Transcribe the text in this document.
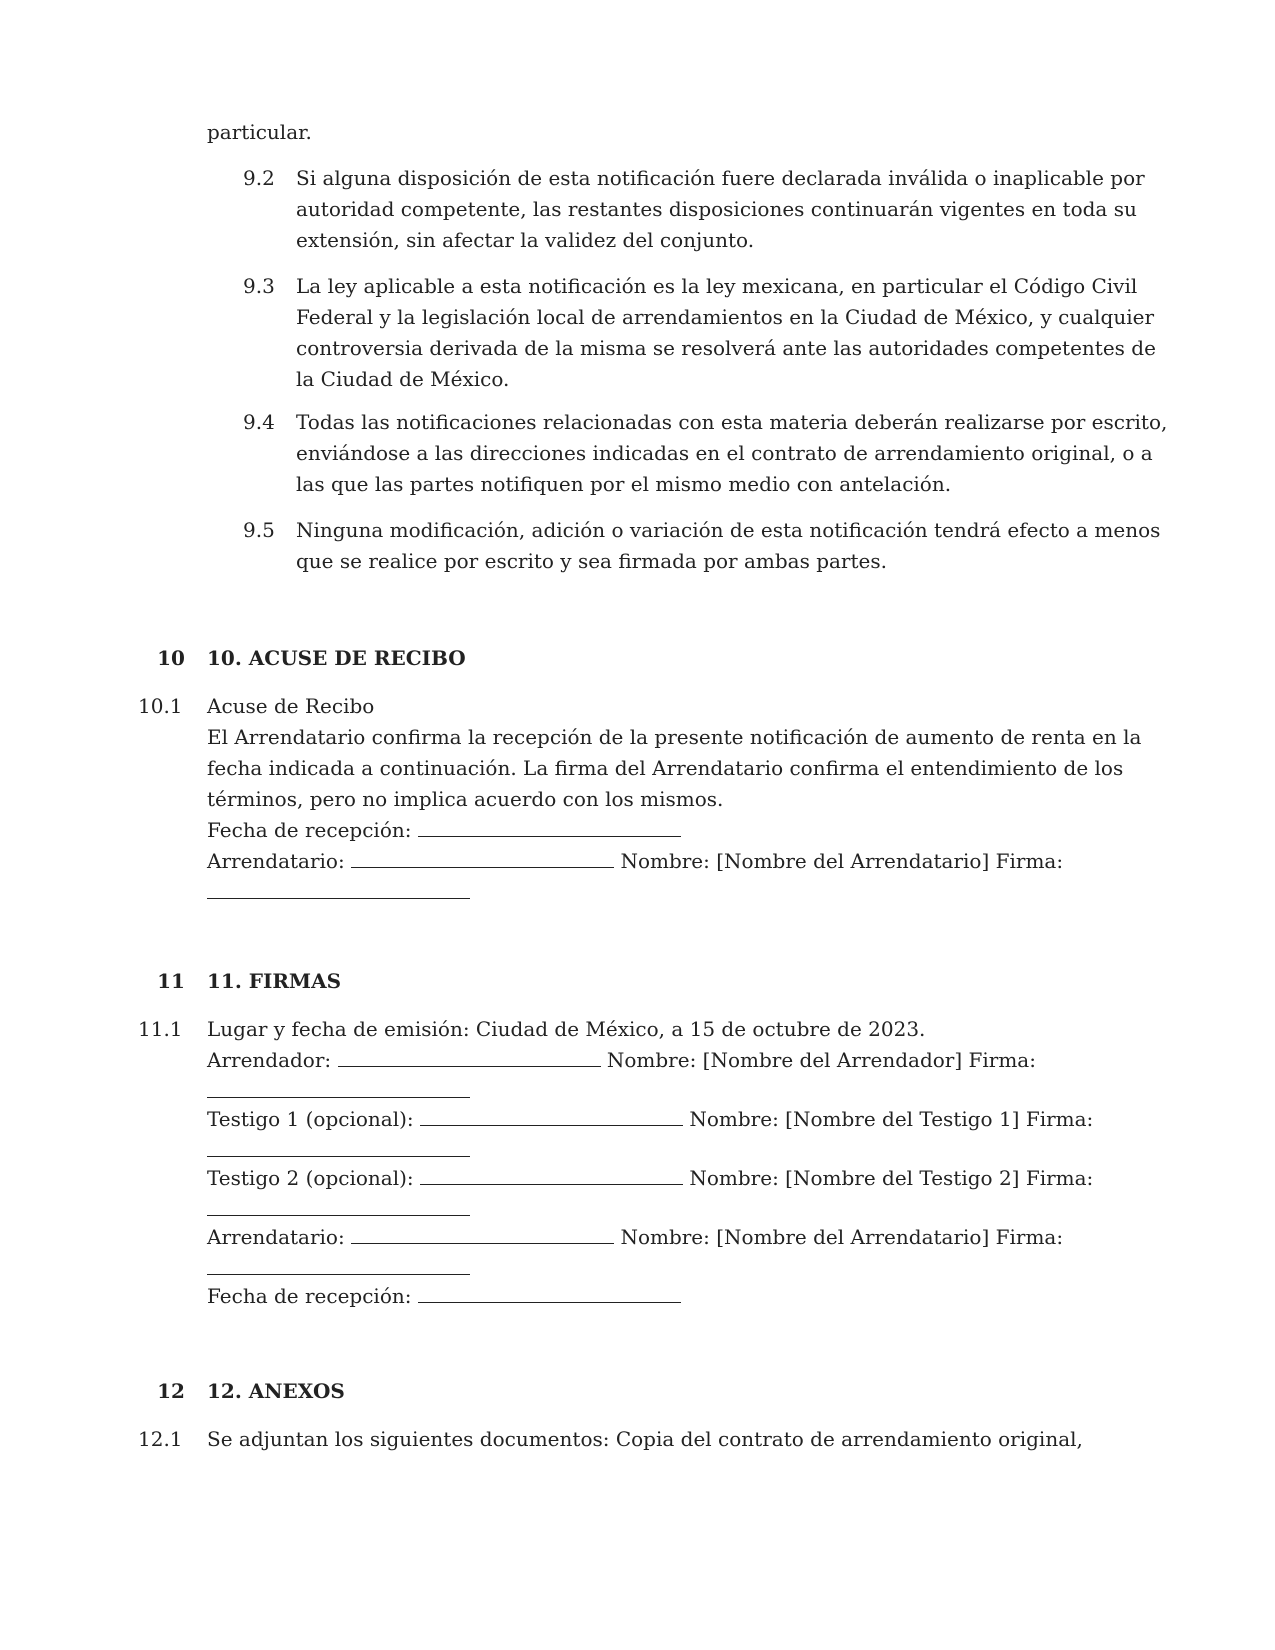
particular.

9.2	Si alguna disposición de esta notificación fuere declarada inválida o inaplicable por
autoridad competente, las restantes disposiciones continuarán vigentes en toda su
extensión, sin afectar la validez del conjunto.
9.3	La ley aplicable a esta notificación es la ley mexicana, en particular el Código Civil
Federal y la legislación local de arrendamientos en la Ciudad de México, y cualquier
controversia derivada de la misma se resolverá ante las autoridades competentes de
la Ciudad de México.
9.4	Todas las notificaciones relacionadas con esta materia deberán realizarse por escrito,
enviándose a las direcciones indicadas en el contrato de arrendamiento original, o a
las que las partes notifiquen por el mismo medio con antelación.
9.5	Ninguna modificación, adición o variación de esta notificación tendrá efecto a menos
que se realice por escrito y sea firmada por ambas partes.
10	10. ACUSE DE RECIBO
10.1	Acuse de Recibo
El Arrendatario confirma la recepción de la presente notificación de aumento de renta en la
fecha indicada a continuación. La firma del Arrendatario confirma el entendimiento de los
términos, pero no implica acuerdo con los mismos.
Fecha de recepción:
Arrendatario:	Nombre: [Nombre del Arrendatario] Firma:
11	11. FIRMAS
11.1	Lugar y fecha de emisión: Ciudad de México, a 15 de octubre de 2023.
Arrendador:	Nombre: [Nombre del Arrendador] Firma:
Testigo 1 (opcional):	Nombre: [Nombre del Testigo 1] Firma:
Testigo 2 (opcional):	Nombre: [Nombre del Testigo 2] Firma:
Arrendatario:	Nombre: [Nombre del Arrendatario] Firma:
Fecha de recepción:
12	12. ANEXOS
12.1	Se adjuntan los siguientes documentos: Copia del contrato de arrendamiento original,
